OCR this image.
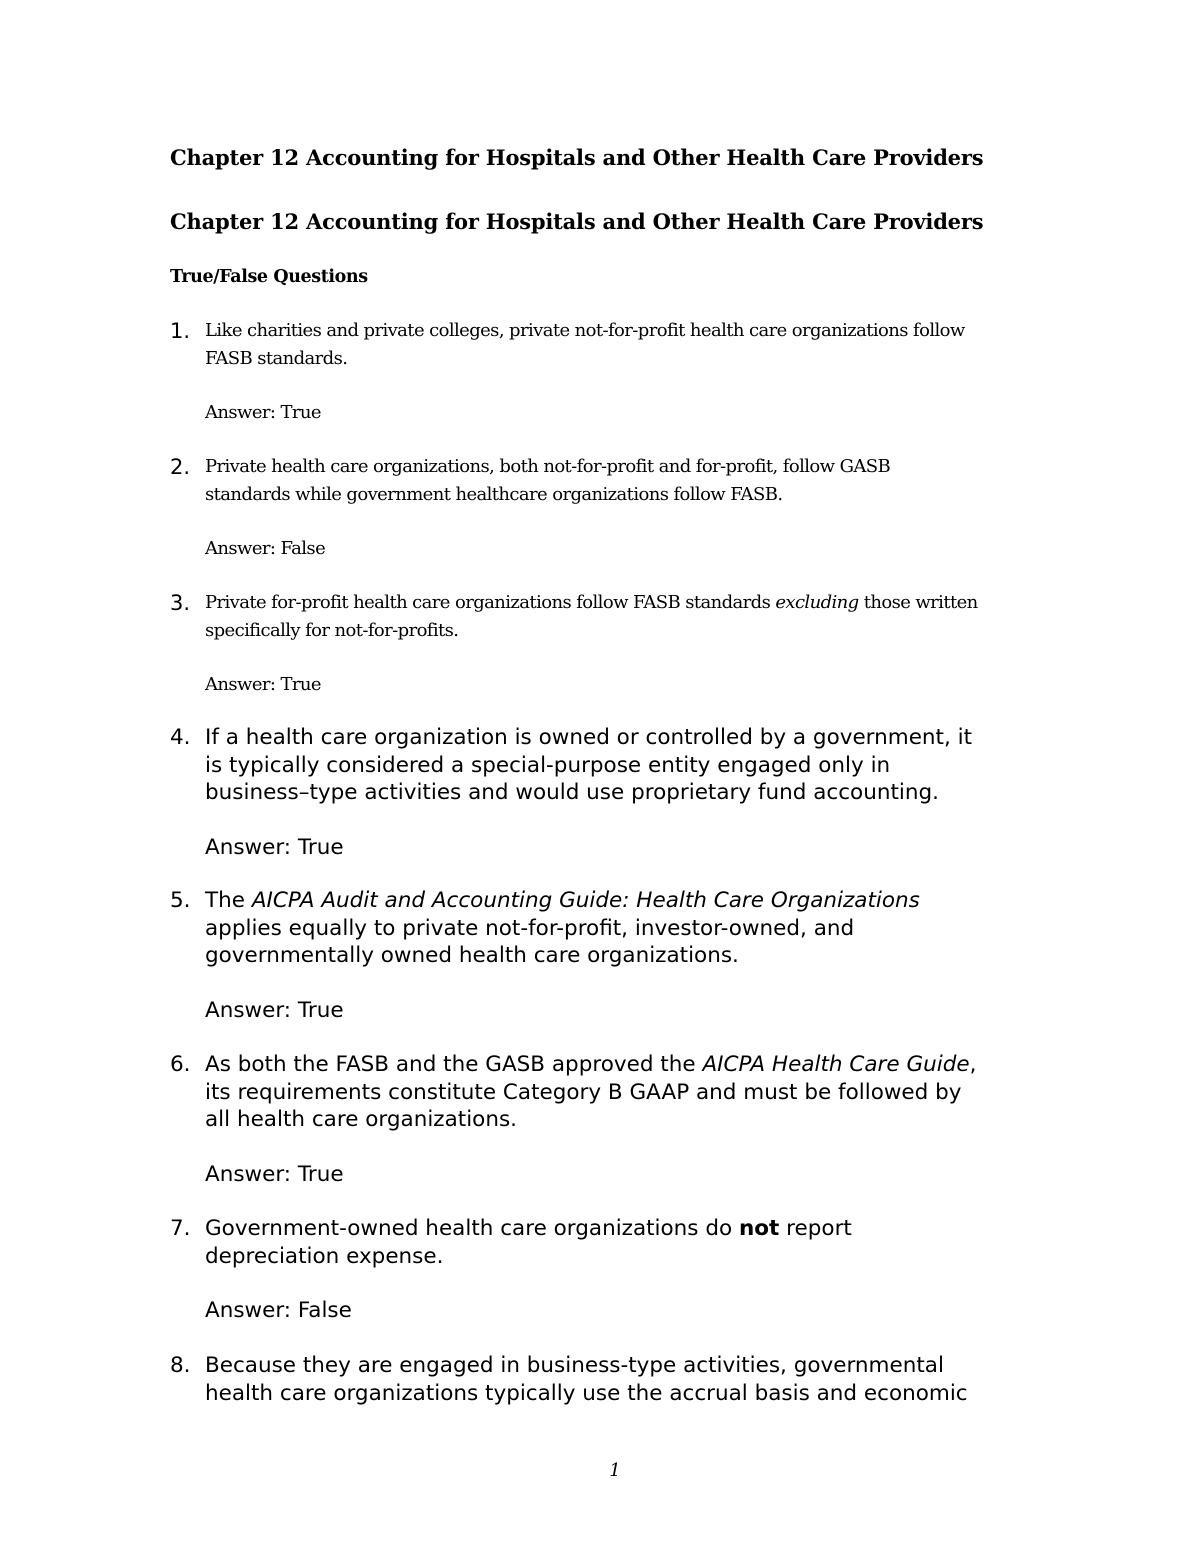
Chapter 12 Accounting for Hospitals and Other Health Care Providers
Chapter 12 Accounting for Hospitals and Other Health Care Providers
True/False Questions
1. Like charities and private colleges, private not-for-profit health care organizations follow
FASB standards.
Answer: True
2. Private health care organizations, both not-for-profit and for-profit, follow GASB
standards while government healthcare organizations follow FASB.
Answer: False
3. Private for-profit health care organizations follow FASB standards excluding those written
specifically for not-for-profits.
Answer: True
4. If a health care organization is owned or controlled by a government, it
is typically considered a special-purpose entity engaged only in
business–type activities and would use proprietary fund accounting.
Answer: True
5. The AICPA Audit and Accounting Guide: Health Care Organizations
applies equally to private not-for-profit, investor-owned, and
governmentally owned health care organizations.
Answer: True
6. As both the FASB and the GASB approved the AICPA Health Care Guide,
its requirements constitute Category B GAAP and must be followed by
all health care organizations.
Answer: True
7. Government-owned health care organizations do not report
depreciation expense.
Answer: False
8. Because they are engaged in business-type activities, governmental
health care organizations typically use the accrual basis and economic
1
